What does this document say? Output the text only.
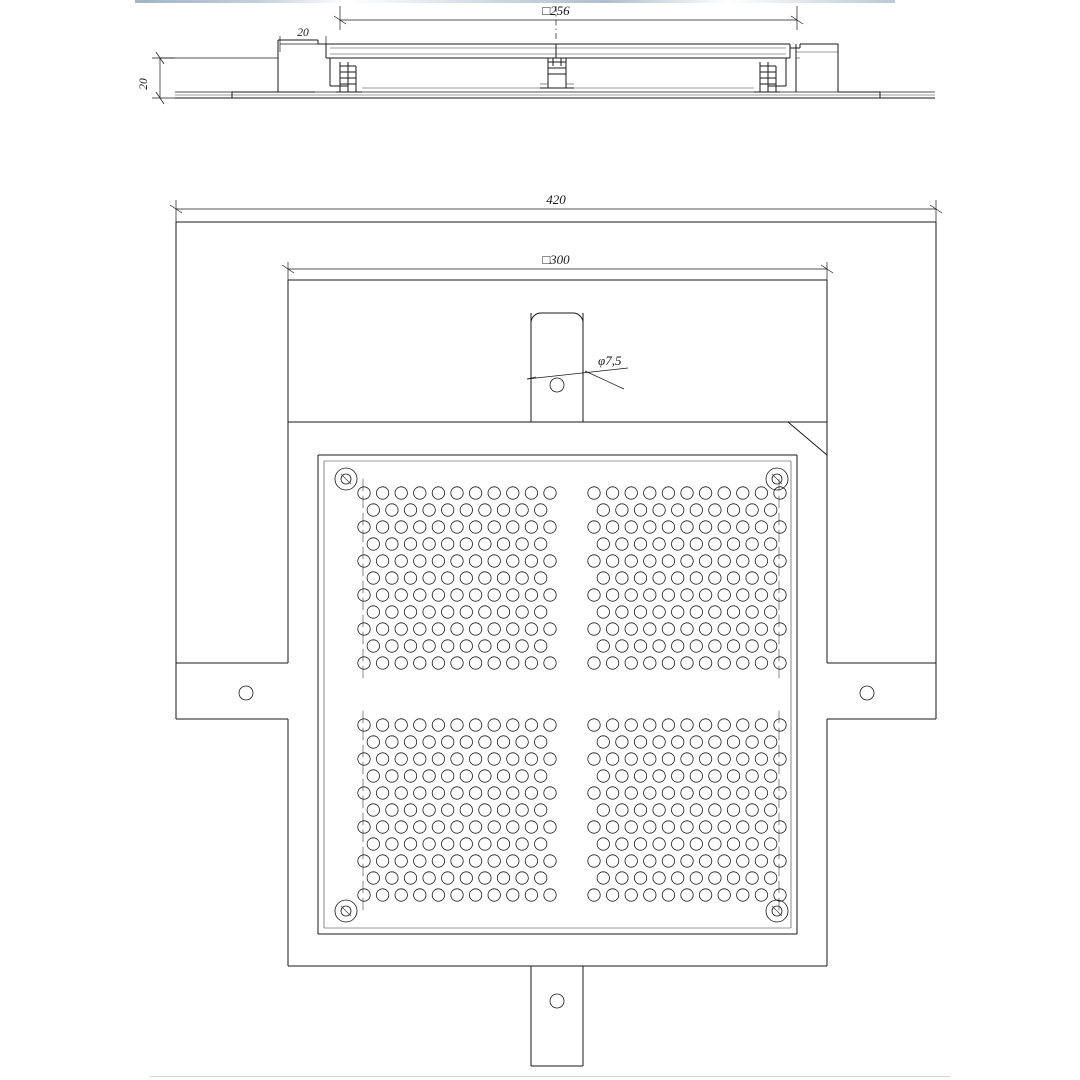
□256
20
20
420
□300
φ7,5
